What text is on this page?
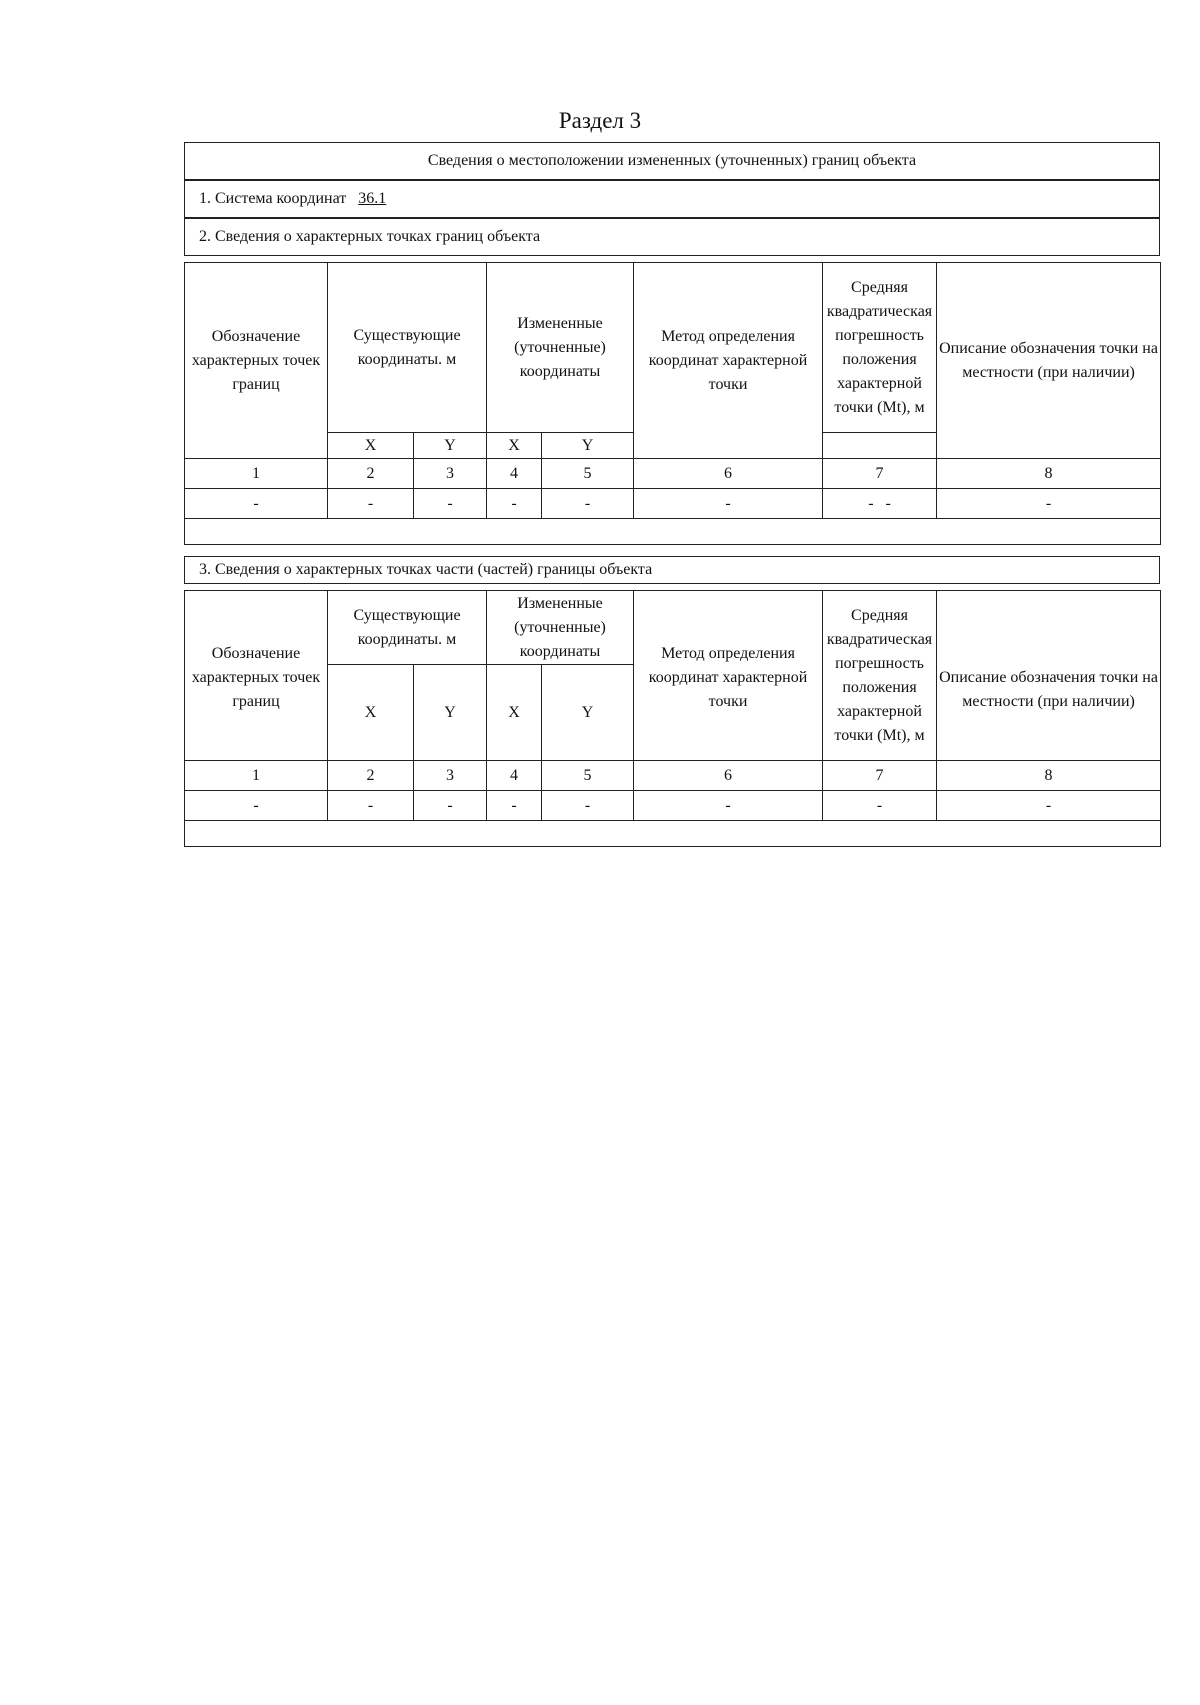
Раздел 3
Сведения о местоположении измененных (уточненных) границ объекта
1. Система координат 36.1
2. Сведения о характерных точках границ объекта
Обозначение характерных точек границ	Существующие координаты. м		Измененные (уточненные) координаты		Метод определения координат характерной точки	Средняя квадратическая погрешность положения характерной точки (Mt), м	Описание обозначения точки на местности (при наличии)
	X	Y	X	Y			
1	2	3	4	5	6	7	8
-	-	-	-	-	-	-   -	-

3. Сведения о характерных точках части (частей) границы объекта
Обозначение характерных точек границ	Существующие координаты. м		Измененные (уточненные) координаты		Метод определения координат характерной точки	Средняя квадратическая погрешность положения характерной точки (Mt), м	Описание обозначения точки на местности (при наличии)
	X	Y	X	Y			
1	2	3	4	5	6	7	8
-	-	-	-	-	-	-	-
